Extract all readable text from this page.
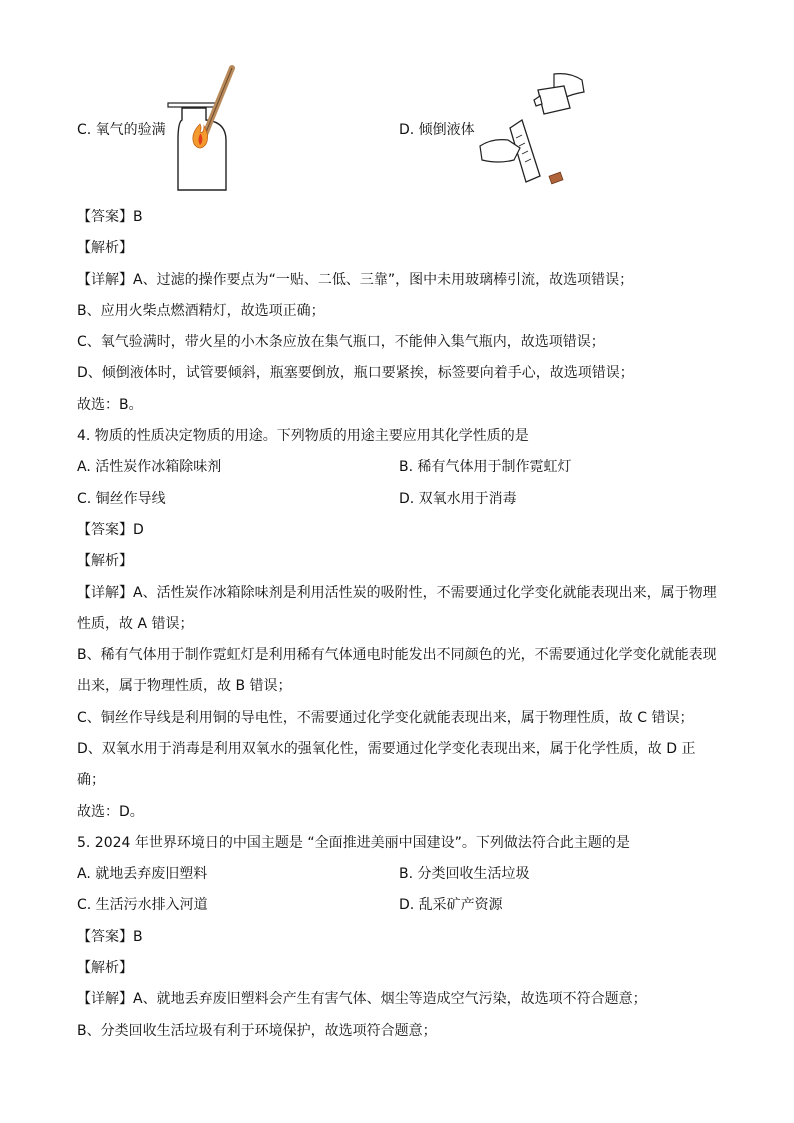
C. 氧气的验满	D. 倾倒液体
【答案】B
【解析】
【详解】A、过滤的操作要点为“一贴、二低、三靠”，图中未用玻璃棒引流，故选项错误；
B、应用火柴点燃酒精灯，故选项正确；
C、氧气验满时，带火星的小木条应放在集气瓶口，不能伸入集气瓶内，故选项错误；
D、倾倒液体时，试管要倾斜，瓶塞要倒放，瓶口要紧挨，标签要向着手心，故选项错误；
故选：B。
4. 物质的性质决定物质的用途。下列物质的用途主要应用其化学性质的是
A. 活性炭作冰箱除味剂	B. 稀有气体用于制作霓虹灯
C. 铜丝作导线	D. 双氧水用于消毒
【答案】D
【解析】
【详解】A、活性炭作冰箱除味剂是利用活性炭的吸附性，不需要通过化学变化就能表现出来，属于物理
性质，故 A 错误；
B、稀有气体用于制作霓虹灯是利用稀有气体通电时能发出不同颜色的光，不需要通过化学变化就能表现
出来，属于物理性质，故 B 错误；
C、铜丝作导线是利用铜的导电性，不需要通过化学变化就能表现出来，属于物理性质，故 C 错误；
D、双氧水用于消毒是利用双氧水的强氧化性，需要通过化学变化表现出来，属于化学性质，故 D 正
确；
故选：D。
5. 2024 年世界环境日的中国主题是 “全面推进美丽中国建设”。下列做法符合此主题的是
A. 就地丢弃废旧塑料	B. 分类回收生活垃圾
C. 生活污水排入河道	D. 乱采矿产资源
【答案】B
【解析】
【详解】A、就地丢弃废旧塑料会产生有害气体、烟尘等造成空气污染，故选项不符合题意；
B、分类回收生活垃圾有利于环境保护，故选项符合题意；
